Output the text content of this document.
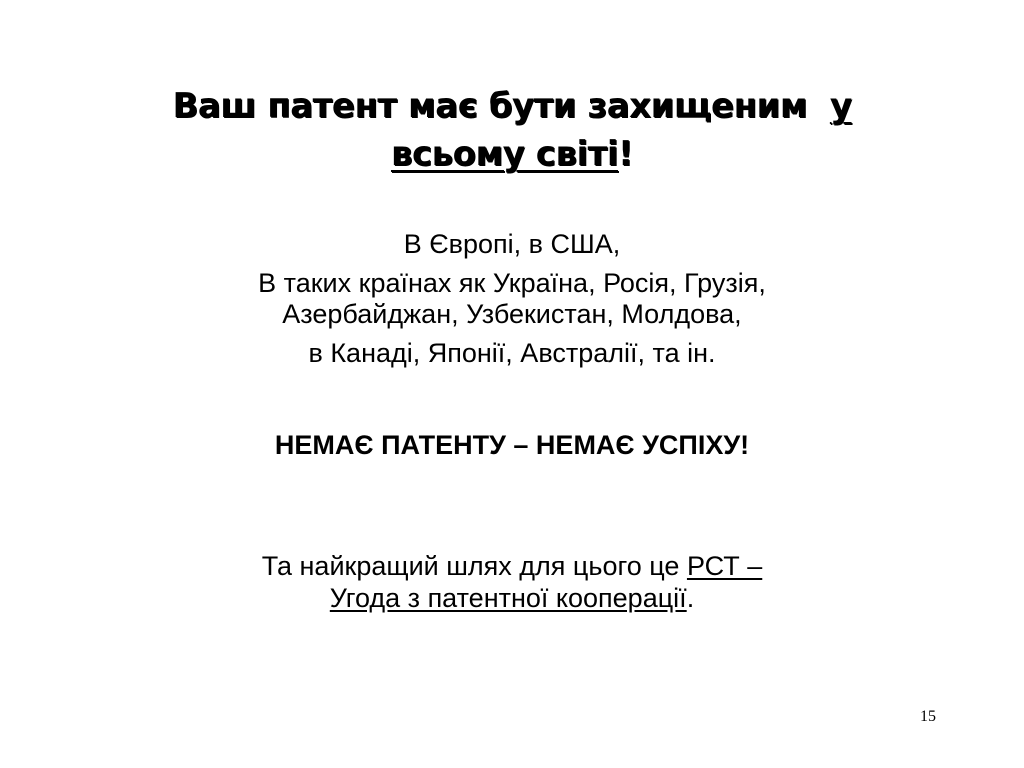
Ваш патент має бути захищеним у
всьому світі!

В Європі, в США,

В таких країнах як Україна, Росія, Грузія,

Азербайджан, Узбекистан, Молдова,

в Канаді, Японії, Австралії, та ін.

НЕМАЄ ПАТЕНТУ – НЕМАЄ УСПІХУ!

Та найкращий шлях для цього це РСТ –

Угода з патентної кооперації.

15
